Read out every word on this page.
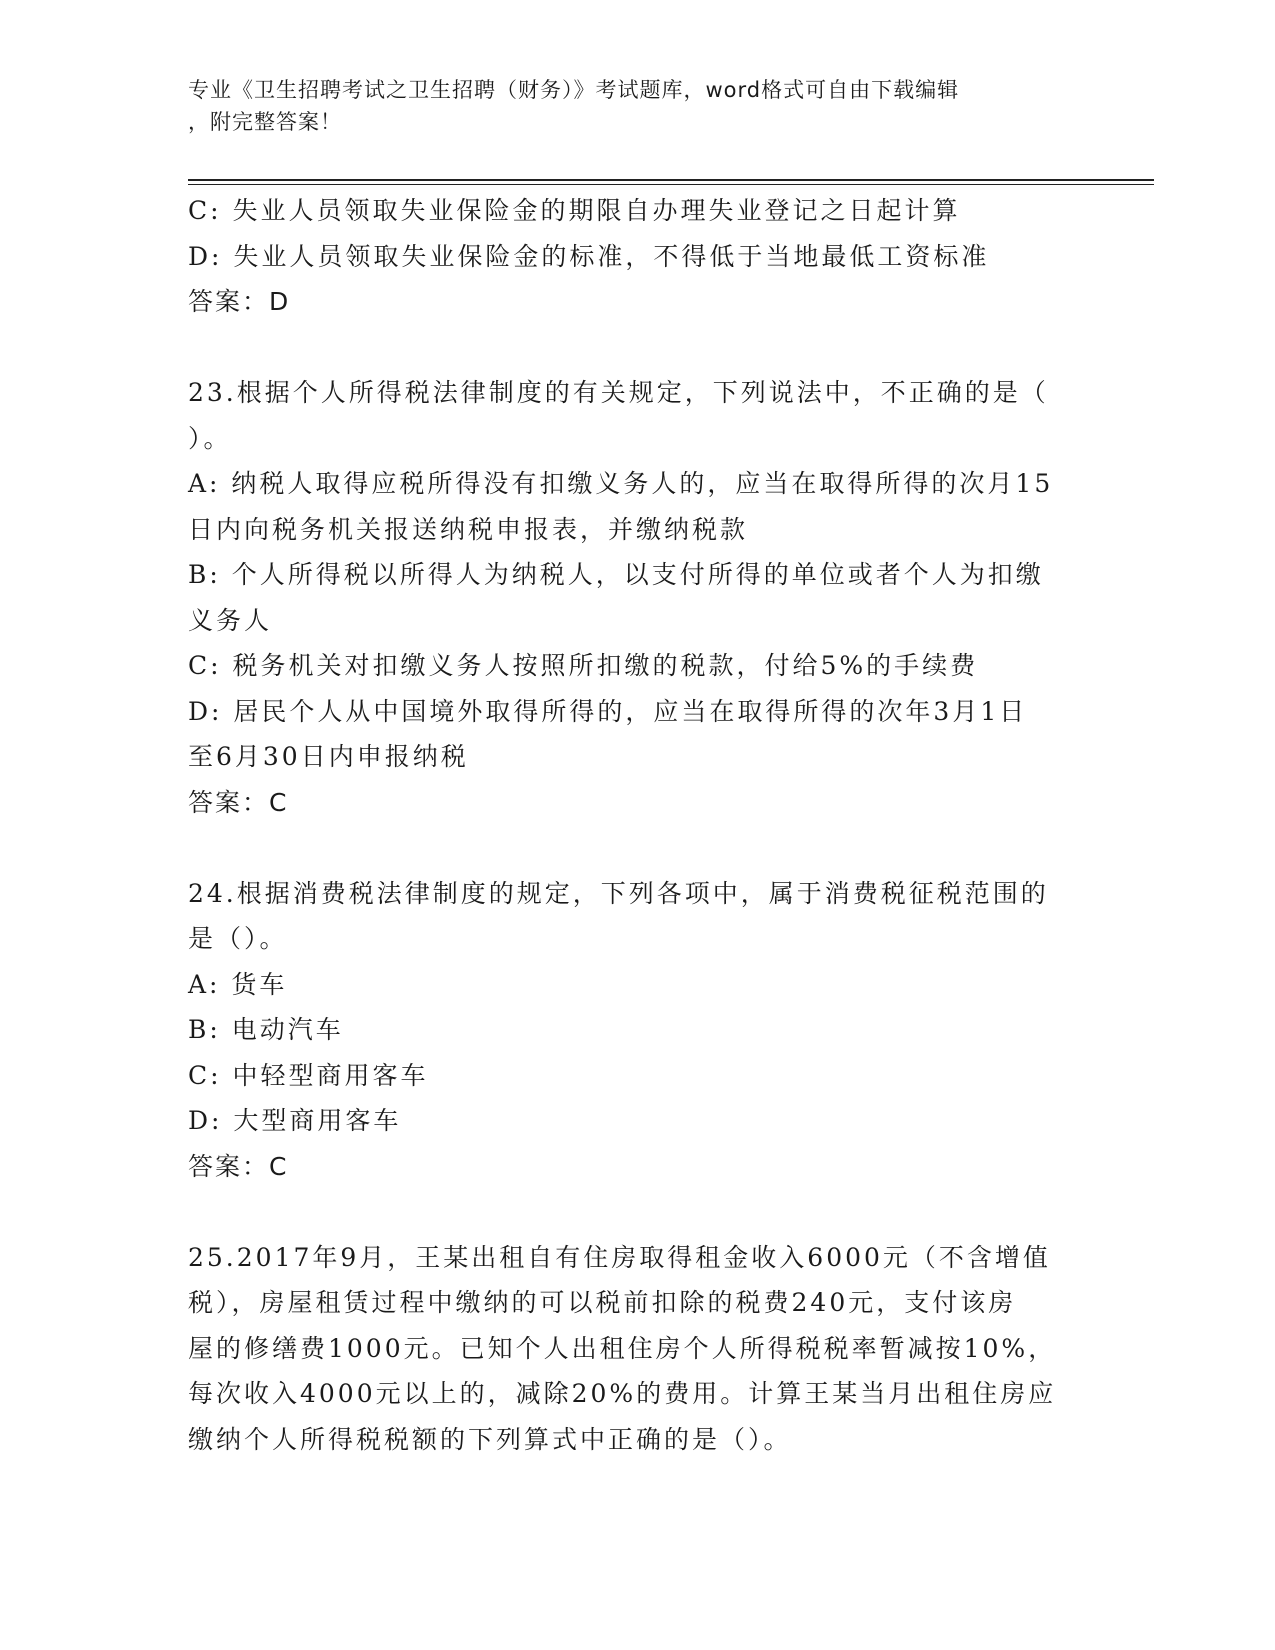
专业《卫生招聘考试之卫生招聘（财务）》考试题库，word格式可自由下载编辑
，附完整答案！

C: 失业人员领取失业保险金的期限自办理失业登记之日起计算

D: 失业人员领取失业保险金的标准，不得低于当地最低工资标准

答案：D

23.根据个人所得税法律制度的有关规定，下列说法中，不正确的是（

）。

A: 纳税人取得应税所得没有扣缴义务人的，应当在取得所得的次月15

日内向税务机关报送纳税申报表，并缴纳税款

B: 个人所得税以所得人为纳税人，以支付所得的单位或者个人为扣缴

义务人

C: 税务机关对扣缴义务人按照所扣缴的税款，付给5%的手续费

D: 居民个人从中国境外取得所得的，应当在取得所得的次年3月1日

至6月30日内申报纳税

答案：C

24.根据消费税法律制度的规定，下列各项中，属于消费税征税范围的

是（）。

A: 货车

B: 电动汽车

C: 中轻型商用客车

D: 大型商用客车

答案：C

25.2017年9月，王某出租自有住房取得租金收入6000元（不含增值

税），房屋租赁过程中缴纳的可以税前扣除的税费240元，支付该房

屋的修缮费1000元。已知个人出租住房个人所得税税率暂减按10%，

每次收入4000元以上的，减除20%的费用。计算王某当月出租住房应

缴纳个人所得税税额的下列算式中正确的是（）。
